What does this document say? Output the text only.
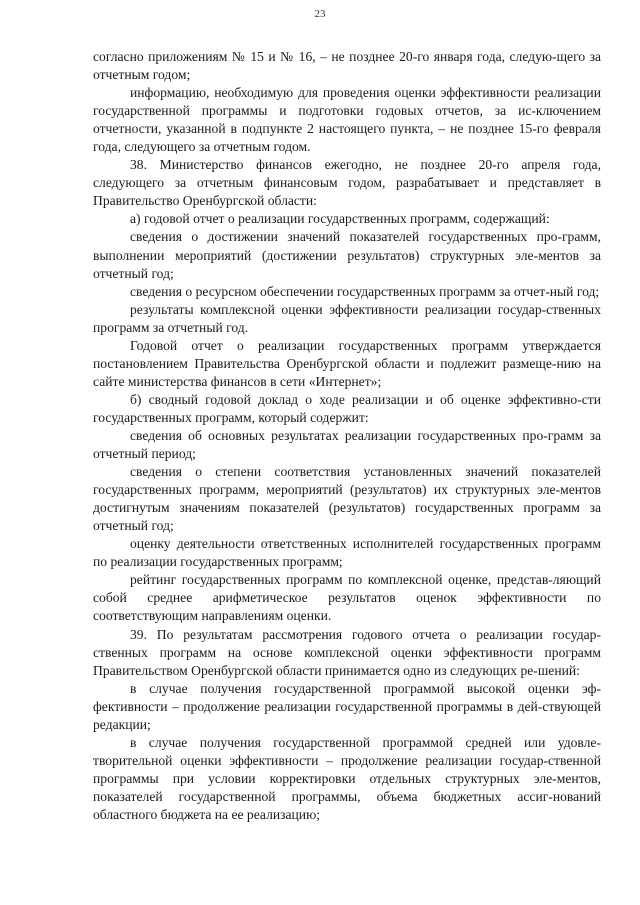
23

согласно приложениям № 15 и № 16, – не позднее 20-го января года, следую-щего за отчетным годом;

информацию, необходимую для проведения оценки эффективности реализации государственной программы и подготовки годовых отчетов, за ис-ключением отчетности, указанной в подпункте 2 настоящего пункта, – не позднее 15-го февраля года, следующего за отчетным годом.

38. Министерство финансов ежегодно, не позднее 20-го апреля года, следующего за отчетным финансовым годом, разрабатывает и представляет в Правительство Оренбургской области:

а) годовой отчет о реализации государственных программ, содержащий:

сведения о достижении значений показателей государственных про-грамм, выполнении мероприятий (достижении результатов) структурных эле-ментов за отчетный год;

сведения о ресурсном обеспечении государственных программ за отчет-ный год;

результаты комплексной оценки эффективности реализации государ-ственных программ за отчетный год.

Годовой отчет о реализации государственных программ утверждается постановлением Правительства Оренбургской области и подлежит размеще-нию на сайте министерства финансов в сети «Интернет»;

б) сводный годовой доклад о ходе реализации и об оценке эффективно-сти государственных программ, который содержит:

сведения об основных результатах реализации государственных про-грамм за отчетный период;

сведения о степени соответствия установленных значений показателей государственных программ, мероприятий (результатов) их структурных эле-ментов достигнутым значениям показателей (результатов) государственных программ за отчетный год;

оценку деятельности ответственных исполнителей государственных программ по реализации государственных программ;

рейтинг государственных программ по комплексной оценке, представ-ляющий собой среднее арифметическое результатов оценок эффективности по соответствующим направлениям оценки.

39. По результатам рассмотрения годового отчета о реализации государ-ственных программ на основе комплексной оценки эффективности программ Правительством Оренбургской области принимается одно из следующих ре-шений:

в случае получения государственной программой высокой оценки эф-фективности – продолжение реализации государственной программы в дей-ствующей редакции;

в случае получения государственной программой средней или удовле-творительной оценки эффективности – продолжение реализации государ-ственной программы при условии корректировки отдельных структурных эле-ментов, показателей государственной программы, объема бюджетных ассиг-нований областного бюджета на ее реализацию;
